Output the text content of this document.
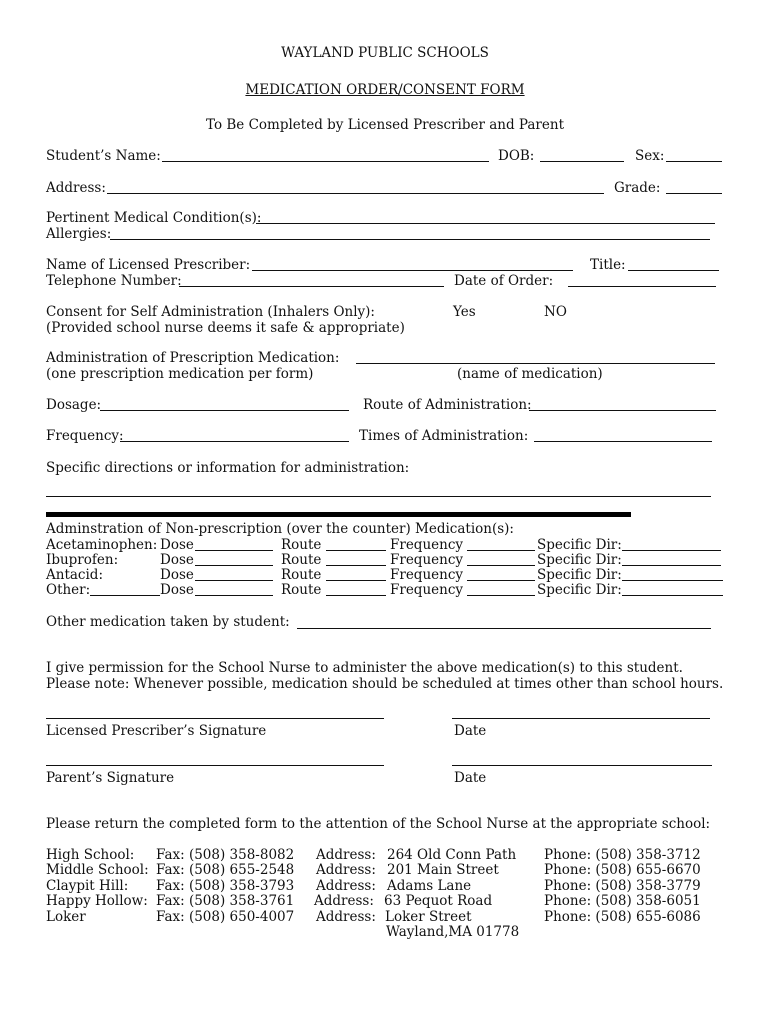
WAYLAND PUBLIC SCHOOLS
MEDICATION ORDER/CONSENT FORM
To Be Completed by Licensed Prescriber and Parent
Student’s Name:	DOB:	Sex:
Address:	Grade:
Pertinent Medical Condition(s):
Allergies:
Name of Licensed Prescriber:	Title:
Telephone Number:	Date of Order:
Consent for Self Administration (Inhalers Only):
(Provided school nurse deems it safe & appropriate)
Yes	NO
Administration of Prescription Medication:
(one prescription medication per form)	(name of medication)
Dosage:	Route of Administration:
Frequency:	Times of Administration:
Specific directions or information for administration:
Adminstration of Non-prescription (over the counter) Medication(s):
Acetaminophen: Dose	Route	Frequency	Specific Dir:
Ibuprofen:	Dose	Route	Frequency	Specific Dir:
Antacid:	Dose	Route	Frequency	Specific Dir:
Other:	Dose	Route	Frequency	Specific Dir:
Other medication taken by student:
I give permission for the School Nurse to administer the above medication(s) to this student.
Please note: Whenever possible, medication should be scheduled at times other than school hours.
Licensed Prescriber’s Signature	Date
Parent’s Signature	Date
Please return the completed form to the attention of the School Nurse at the appropriate school:
High School: Fax: (508) 358-8082 Address: 264 Old Conn Path Phone: (508) 358-3712
Middle School: Fax: (508) 655-2548 Address: 201 Main Street	Phone: (508) 655-6670
Claypit Hill: Fax: (508) 358-3793 Address: Adams Lane	Phone: (508) 358-3779
Happy Hollow: Fax: (508) 358-3761 Address: 63 Pequot Road	Phone: (508) 358-6051
Loker	Fax: (508) 650-4007 Address: Loker Street	Phone: (508) 655-6086
Wayland,MA 01778
